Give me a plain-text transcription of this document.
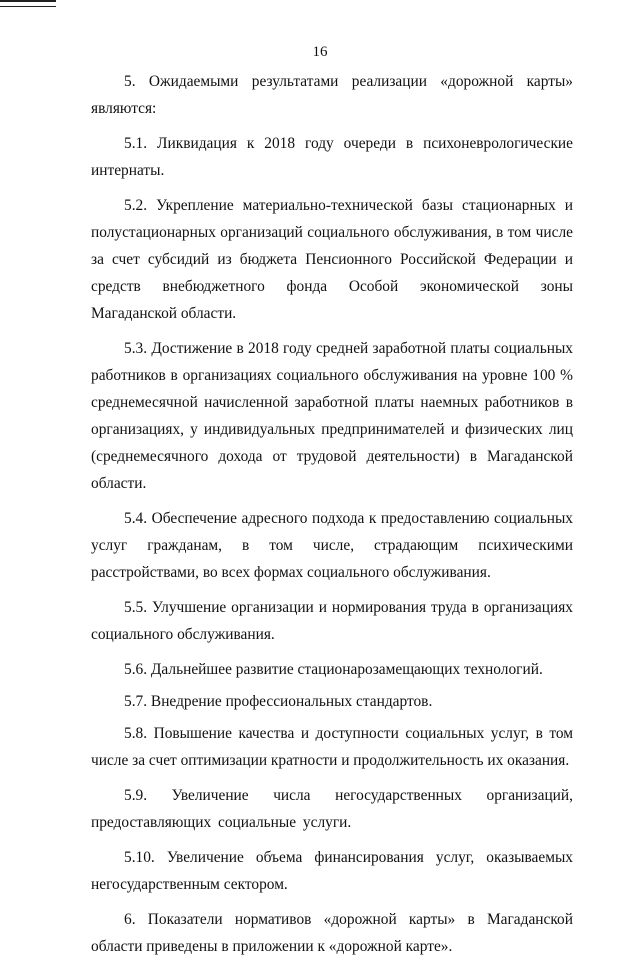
16

5. Ожидаемыми результатами реализации «дорожной карты» являются:

5.1. Ликвидация к 2018 году очереди в психоневрологические интернаты.

5.2. Укрепление материально-технической базы стационарных и полустационарных организаций социального обслуживания, в том числе за счет субсидий из бюджета Пенсионного Российской Федерации и средств внебюджетного фонда Особой экономической зоны Магаданской области.

5.3. Достижение в 2018 году средней заработной платы социальных работников в организациях социального обслуживания на уровне 100 % среднемесячной начисленной заработной платы наемных работников в организациях, у индивидуальных предпринимателей и физических лиц (среднемесячного дохода от трудовой деятельности) в Магаданской области.

5.4. Обеспечение адресного подхода к предоставлению социальных услуг гражданам, в том числе, страдающим психическими расстройствами, во всех формах социального обслуживания.

5.5. Улучшение организации и нормирования труда в организациях социального обслуживания.

5.6. Дальнейшее развитие стационарозамещающих технологий.

5.7. Внедрение профессиональных стандартов.

5.8. Повышение качества и доступности социальных услуг, в том числе за счет оптимизации кратности и продолжительность их оказания.

5.9. Увеличение числа негосударственных организаций, предоставляющих социальные услуги.

5.10. Увеличение объема финансирования услуг, оказываемых негосударственным сектором.

6. Показатели нормативов «дорожной карты» в Магаданской области приведены в приложении к «дорожной карте».
